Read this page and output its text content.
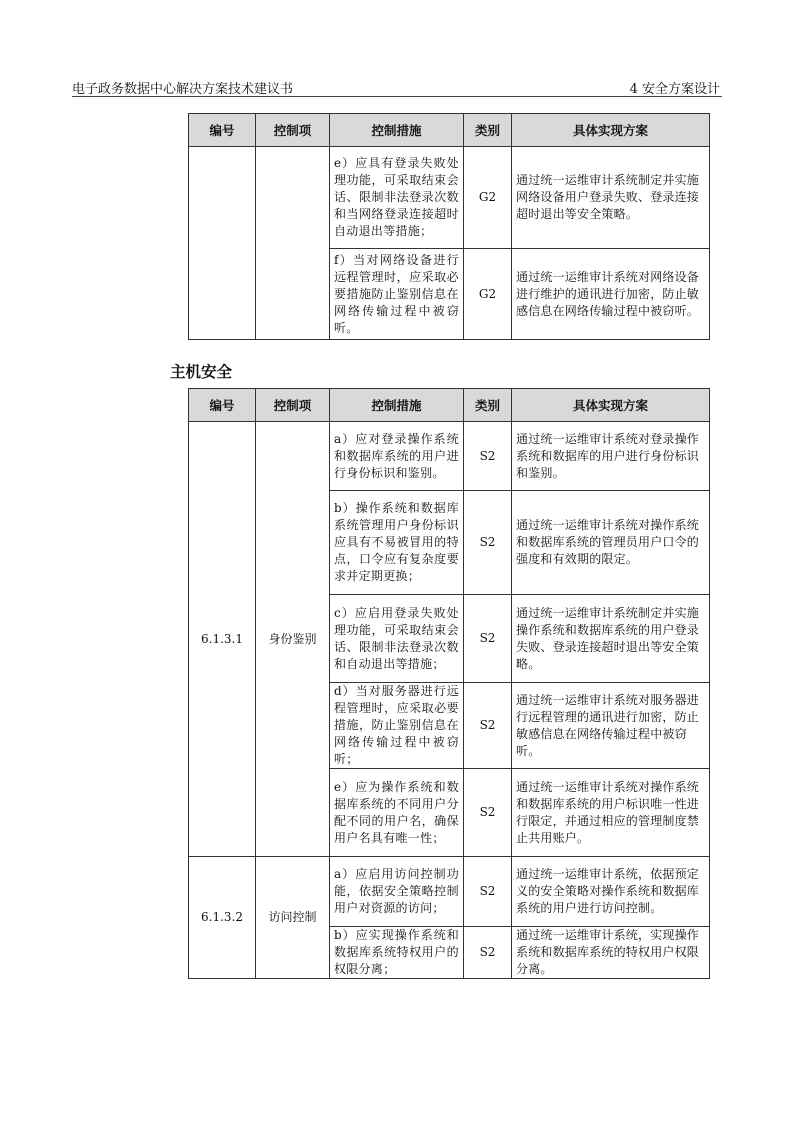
电子政务数据中心解决方案技术建议书	4 安全方案设计
编号	控制项	控制措施	类别	具体实现方案
		e）应具有登录失败处理功能，可采取结束会话、限制非法登录次数和当网络登录连接超时自动退出等措施；	G2	通过统一运维审计系统制定并实施网络设备用户登录失败、登录连接超时退出等安全策略。
		f）当对网络设备进行远程管理时，应采取必要措施防止鉴别信息在网络传输过程中被窃听。	G2	通过统一运维审计系统对网络设备进行维护的通讯进行加密，防止敏感信息在网络传输过程中被窃听。
主机安全
编号	控制项	控制措施	类别	具体实现方案
6.1.3.1	身份鉴别	a）应对登录操作系统和数据库系统的用户进行身份标识和鉴别。	S2	通过统一运维审计系统对登录操作系统和数据库的用户进行身份标识和鉴别。
		b）操作系统和数据库系统管理用户身份标识应具有不易被冒用的特点，口令应有复杂度要求并定期更换；	S2	通过统一运维审计系统对操作系统和数据库系统的管理员用户口令的强度和有效期的限定。
		c）应启用登录失败处理功能，可采取结束会话、限制非法登录次数和自动退出等措施；	S2	通过统一运维审计系统制定并实施操作系统和数据库系统的用户登录失败、登录连接超时退出等安全策略。
		d）当对服务器进行远程管理时，应采取必要措施，防止鉴别信息在网络传输过程中被窃听；	S2	通过统一运维审计系统对服务器进行远程管理的通讯进行加密，防止敏感信息在网络传输过程中被窃听。
		e）应为操作系统和数据库系统的不同用户分配不同的用户名，确保用户名具有唯一性；	S2	通过统一运维审计系统对操作系统和数据库系统的用户标识唯一性进行限定，并通过相应的管理制度禁止共用账户。
6.1.3.2	访问控制	a）应启用访问控制功能，依据安全策略控制用户对资源的访问；	S2	通过统一运维审计系统，依据预定义的安全策略对操作系统和数据库系统的用户进行访问控制。
		b）应实现操作系统和数据库系统特权用户的权限分离；	S2	通过统一运维审计系统，实现操作系统和数据库系统的特权用户权限分离。
